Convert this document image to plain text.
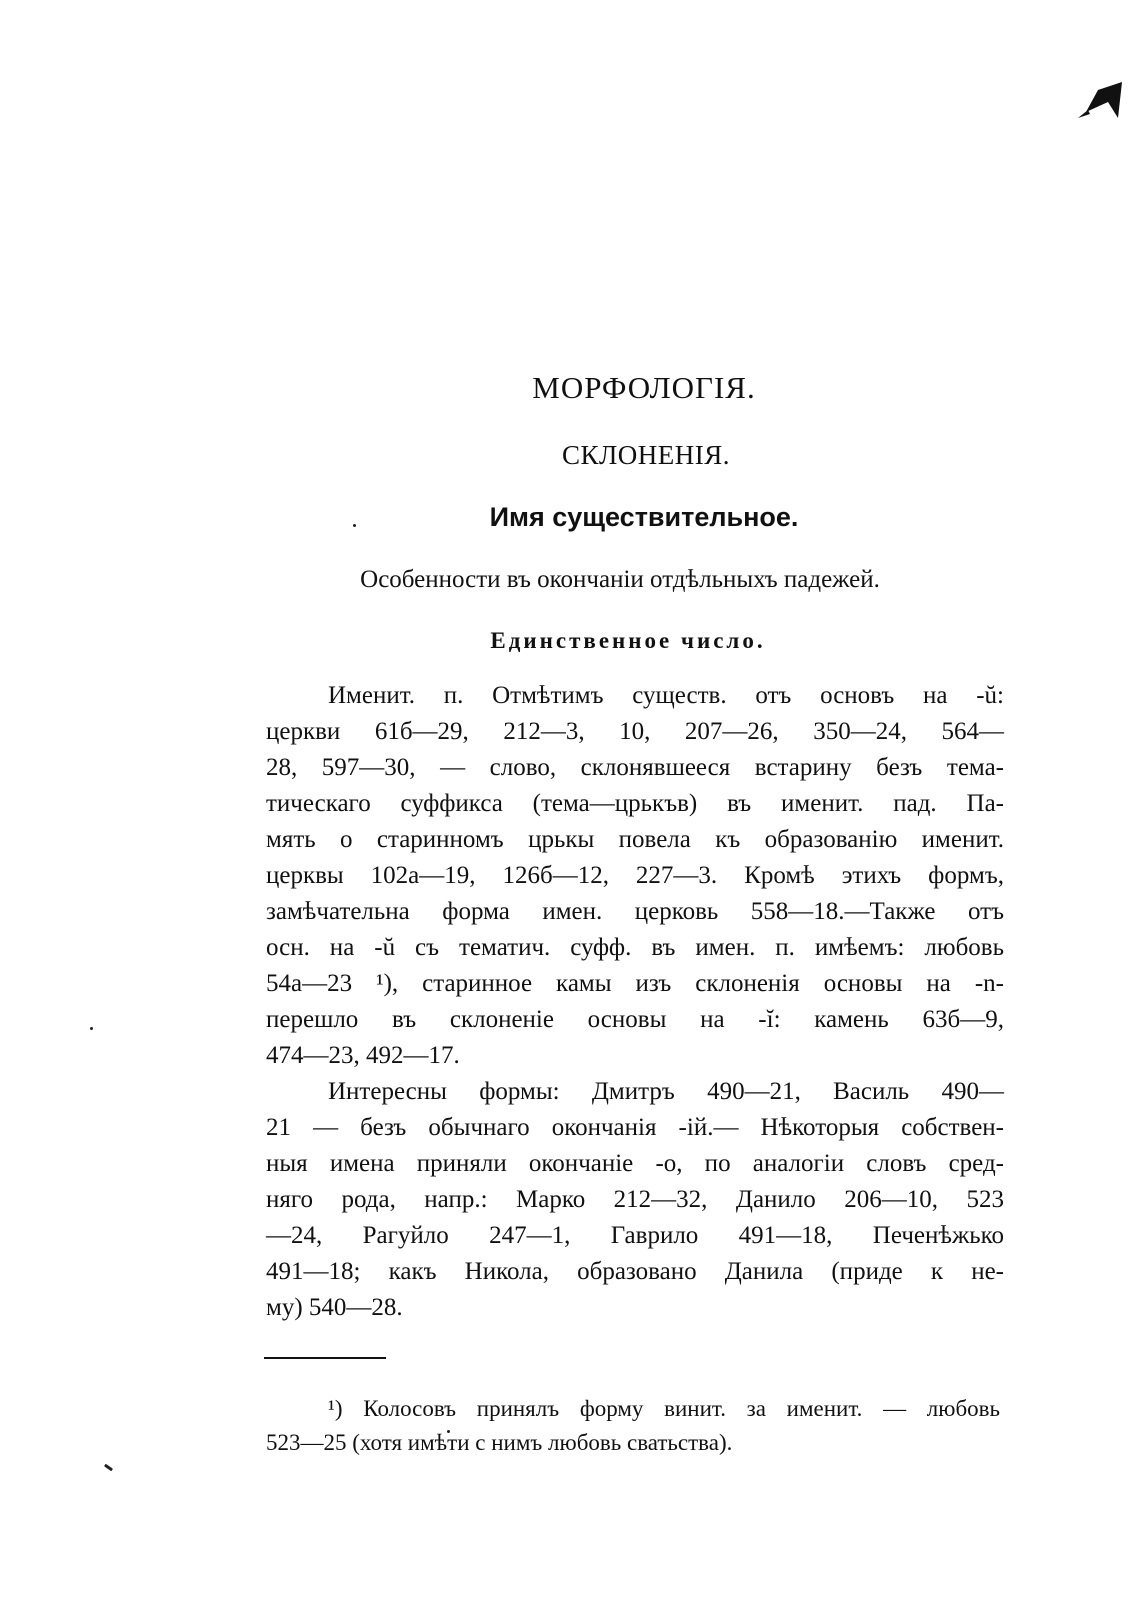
МОРФОЛОГIЯ.
СКЛОНЕНIЯ.
Имя существительное.
Особенности въ окончанiи отдѣльныхъ падежей.
Единственное число.
Именит. п. Отмѣтимъ существ. отъ основъ на -ŭ:
церкви 61б—29, 212—3, 10, 207—26, 350—24, 564—
28, 597—30, — слово, склонявшееся встарину безъ тема-
тическаго суффикса (тема—црькъв) въ именит. пад. Па-
мять о старинномъ црькы повела къ образованiю именит.
церквы 102а—19, 126б—12, 227—3. Кромѣ этихъ формъ,
замѣчательна форма имен. церковь 558—18.—Также отъ
осн. на -ŭ съ тематич. суфф. въ имен. п. имѣемъ: любовь
54а—23 ¹), старинное камы изъ склоненiя основы на -n-
перешло въ склоненiе основы на -ĭ: камень 63б—9,
474—23, 492—17.
Интересны формы: Дмитръ 490—21, Василь 490—
21 — безъ обычнаго окончанiя -iй.— Нѣкоторыя собствен-
ныя имена приняли окончанiе -о, по аналогiи словъ сред-
няго рода, напр.: Марко 212—32, Данило 206—10, 523
—24, Рагуйло 247—1, Гаврило 491—18, Печенѣжько
491—18; какъ Никола, образовано Данила (приде к не-
му) 540—28.
¹) Колосовъ принялъ форму винит. за именит. — любовь
523—25 (хотя имѣти с нимъ любовь сватьства).
